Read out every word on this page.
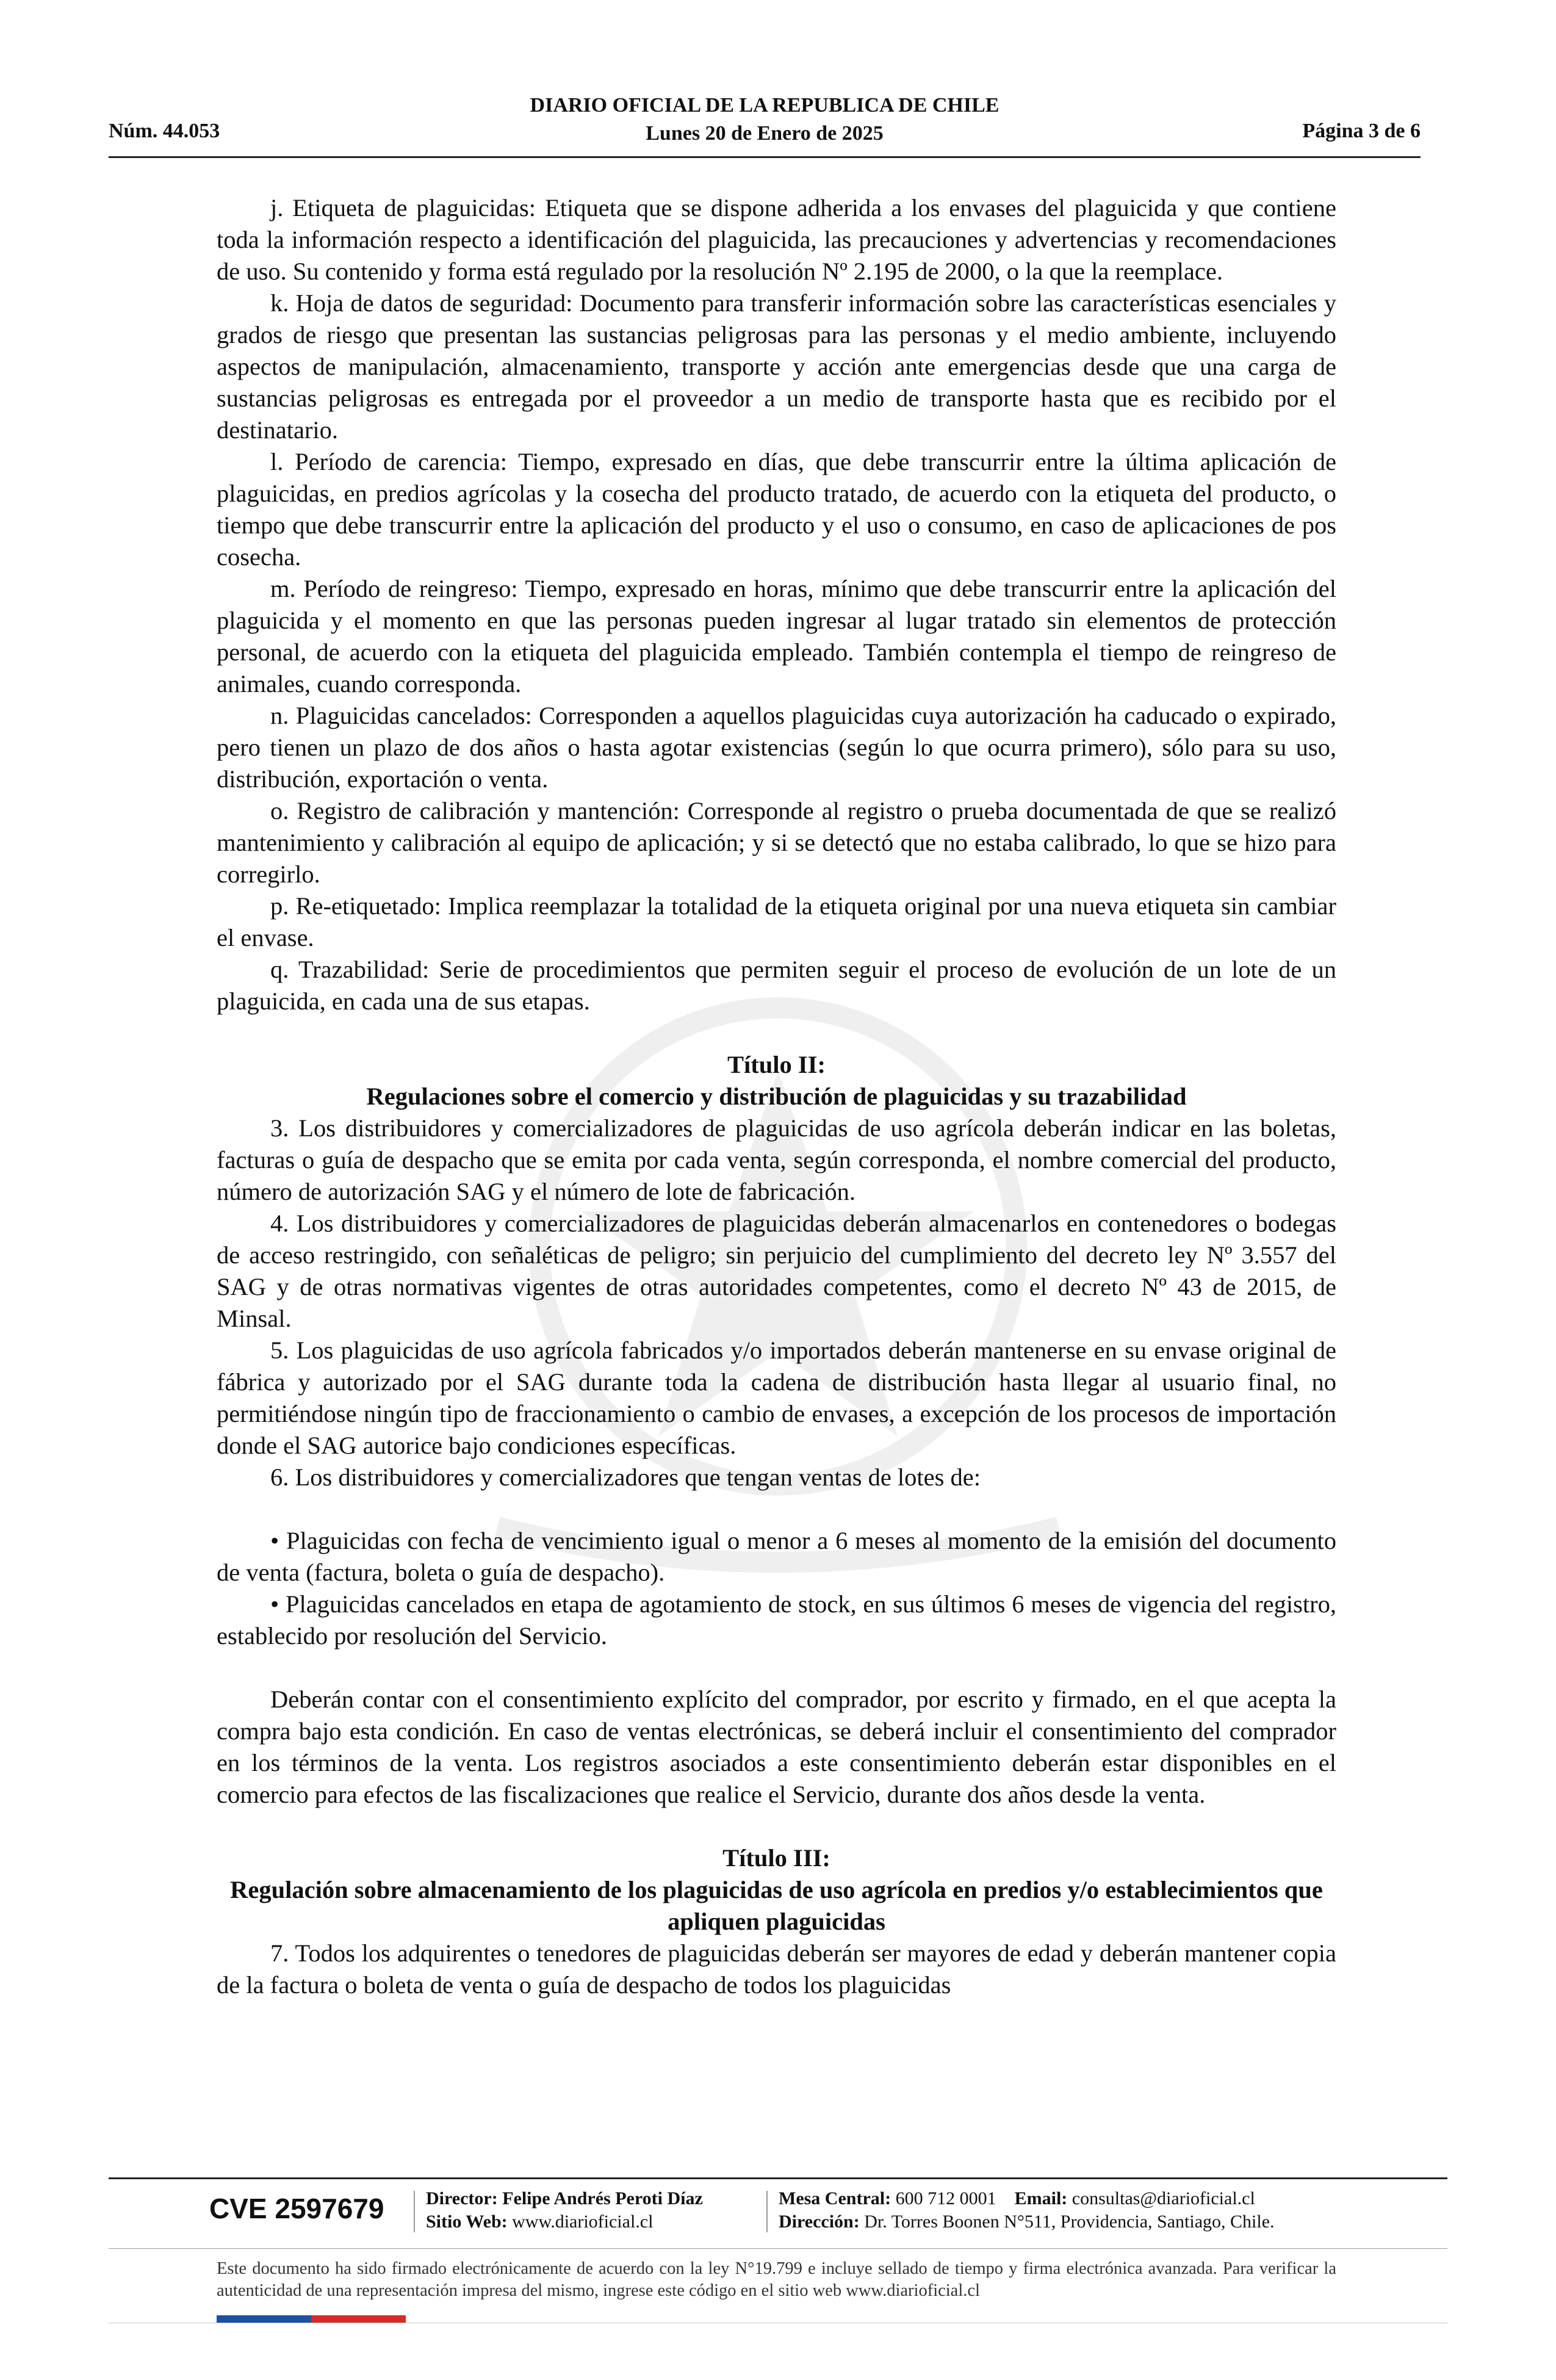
DIARIO OFICIAL DE LA REPUBLICA DE CHILE
Núm. 44.053	Lunes 20 de Enero de 2025	Página 3 de 6

j. Etiqueta de plaguicidas: Etiqueta que se dispone adherida a los envases del plaguicida y que contiene toda la información respecto a identificación del plaguicida, las precauciones y advertencias y recomendaciones de uso. Su contenido y forma está regulado por la resolución Nº 2.195 de 2000, o la que la reemplace.

k. Hoja de datos de seguridad: Documento para transferir información sobre las características esenciales y grados de riesgo que presentan las sustancias peligrosas para las personas y el medio ambiente, incluyendo aspectos de manipulación, almacenamiento, transporte y acción ante emergencias desde que una carga de sustancias peligrosas es entregada por el proveedor a un medio de transporte hasta que es recibido por el destinatario.

l. Período de carencia: Tiempo, expresado en días, que debe transcurrir entre la última aplicación de plaguicidas, en predios agrícolas y la cosecha del producto tratado, de acuerdo con la etiqueta del producto, o tiempo que debe transcurrir entre la aplicación del producto y el uso o consumo, en caso de aplicaciones de pos cosecha.

m. Período de reingreso: Tiempo, expresado en horas, mínimo que debe transcurrir entre la aplicación del plaguicida y el momento en que las personas pueden ingresar al lugar tratado sin elementos de protección personal, de acuerdo con la etiqueta del plaguicida empleado. También contempla el tiempo de reingreso de animales, cuando corresponda.

n. Plaguicidas cancelados: Corresponden a aquellos plaguicidas cuya autorización ha caducado o expirado, pero tienen un plazo de dos años o hasta agotar existencias (según lo que ocurra primero), sólo para su uso, distribución, exportación o venta.

o. Registro de calibración y mantención: Corresponde al registro o prueba documentada de que se realizó mantenimiento y calibración al equipo de aplicación; y si se detectó que no estaba calibrado, lo que se hizo para corregirlo.

p. Re-etiquetado: Implica reemplazar la totalidad de la etiqueta original por una nueva etiqueta sin cambiar el envase.

q. Trazabilidad: Serie de procedimientos que permiten seguir el proceso de evolución de un lote de un plaguicida, en cada una de sus etapas.

Título II:
Regulaciones sobre el comercio y distribución de plaguicidas y su trazabilidad

3. Los distribuidores y comercializadores de plaguicidas de uso agrícola deberán indicar en las boletas, facturas o guía de despacho que se emita por cada venta, según corresponda, el nombre comercial del producto, número de autorización SAG y el número de lote de fabricación.

4. Los distribuidores y comercializadores de plaguicidas deberán almacenarlos en contenedores o bodegas de acceso restringido, con señaléticas de peligro; sin perjuicio del cumplimiento del decreto ley Nº 3.557 del SAG y de otras normativas vigentes de otras autoridades competentes, como el decreto Nº 43 de 2015, de Minsal.

5. Los plaguicidas de uso agrícola fabricados y/o importados deberán mantenerse en su envase original de fábrica y autorizado por el SAG durante toda la cadena de distribución hasta llegar al usuario final, no permitiéndose ningún tipo de fraccionamiento o cambio de envases, a excepción de los procesos de importación donde el SAG autorice bajo condiciones específicas.

6. Los distribuidores y comercializadores que tengan ventas de lotes de:

• Plaguicidas con fecha de vencimiento igual o menor a 6 meses al momento de la emisión del documento de venta (factura, boleta o guía de despacho).

• Plaguicidas cancelados en etapa de agotamiento de stock, en sus últimos 6 meses de vigencia del registro, establecido por resolución del Servicio.

Deberán contar con el consentimiento explícito del comprador, por escrito y firmado, en el que acepta la compra bajo esta condición. En caso de ventas electrónicas, se deberá incluir el consentimiento del comprador en los términos de la venta. Los registros asociados a este consentimiento deberán estar disponibles en el comercio para efectos de las fiscalizaciones que realice el Servicio, durante dos años desde la venta.

Título III:
Regulación sobre almacenamiento de los plaguicidas de uso agrícola en predios y/o establecimientos que apliquen plaguicidas

7. Todos los adquirentes o tenedores de plaguicidas deberán ser mayores de edad y deberán mantener copia de la factura o boleta de venta o guía de despacho de todos los plaguicidas

CVE 2597679 Director: Felipe Andrés Peroti Díaz
Sitio Web: www.diarioficial.cl
Mesa Central: 600 712 0001 Email: consultas@diarioficial.cl
Dirección: Dr. Torres Boonen N°511, Providencia, Santiago, Chile.
Este documento ha sido firmado electrónicamente de acuerdo con la ley N°19.799 e incluye sellado de tiempo y firma electrónica avanzada. Para verificar la autenticidad de una representación impresa del mismo, ingrese este código en el sitio web www.diarioficial.cl
